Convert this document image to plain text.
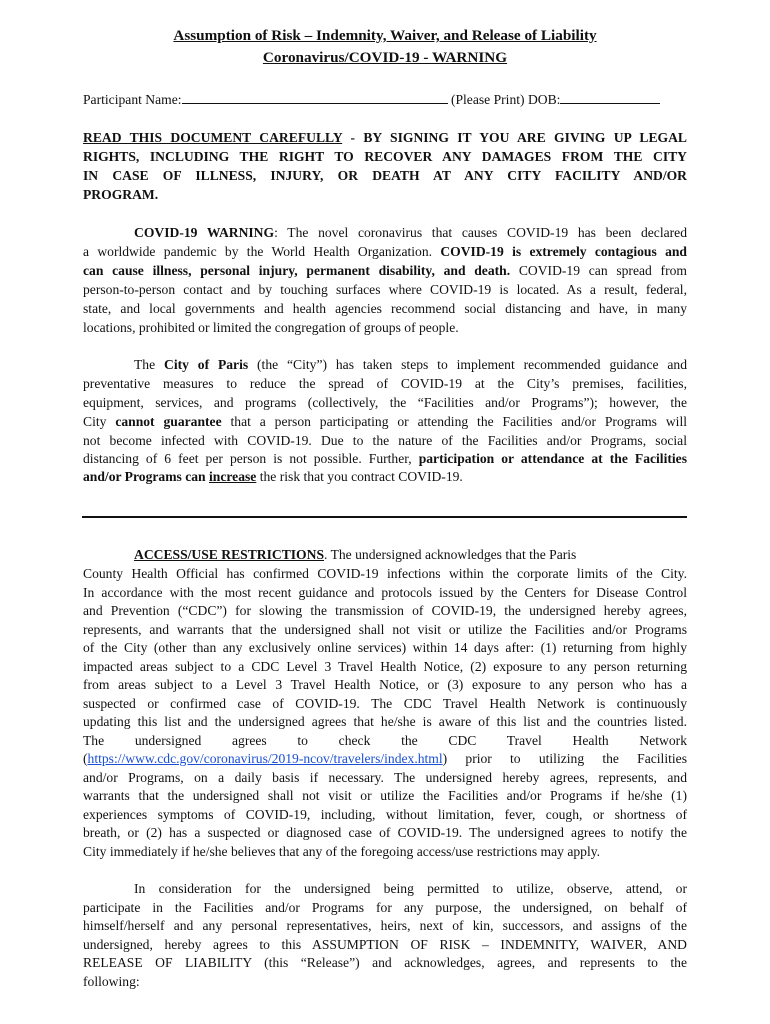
Assumption of Risk – Indemnity, Waiver, and Release of Liability
Coronavirus/COVID-19 - WARNING
Participant Name:	(Please Print) DOB:
READ THIS DOCUMENT CAREFULLY - BY SIGNING IT YOU ARE GIVING UP LEGAL
RIGHTS, INCLUDING THE RIGHT TO RECOVER ANY DAMAGES FROM THE CITY
IN CASE OF ILLNESS, INJURY, OR DEATH AT ANY CITY FACILITY AND/OR
PROGRAM.
COVID-19 WARNING: The novel coronavirus that causes COVID-19 has been declared
a worldwide pandemic by the World Health Organization. COVID-19 is extremely contagious and
can cause illness, personal injury, permanent disability, and death. COVID-19 can spread from
person-to-person contact and by touching surfaces where COVID-19 is located. As a result, federal,
state, and local governments and health agencies recommend social distancing and have, in many
locations, prohibited or limited the congregation of groups of people.
The City of Paris (the “City”) has taken steps to implement recommended guidance and
preventative measures to reduce the spread of COVID-19 at the City’s premises, facilities,
equipment, services, and programs (collectively, the “Facilities and/or Programs”); however, the
City cannot guarantee that a person participating or attending the Facilities and/or Programs will
not become infected with COVID-19. Due to the nature of the Facilities and/or Programs, social
distancing of 6 feet per person is not possible. Further, participation or attendance at the Facilities
and/or Programs can increase the risk that you contract COVID-19.
ACCESS/USE RESTRICTIONS. The undersigned acknowledges that the Paris
County Health Official has confirmed COVID-19 infections within the corporate limits of the City.
In accordance with the most recent guidance and protocols issued by the Centers for Disease Control
and Prevention (“CDC”) for slowing the transmission of COVID-19, the undersigned hereby agrees,
represents, and warrants that the undersigned shall not visit or utilize the Facilities and/or Programs
of the City (other than any exclusively online services) within 14 days after: (1) returning from highly
impacted areas subject to a CDC Level 3 Travel Health Notice, (2) exposure to any person returning
from areas subject to a Level 3 Travel Health Notice, or (3) exposure to any person who has a
suspected or confirmed case of COVID-19. The CDC Travel Health Network is continuously
updating this list and the undersigned agrees that he/she is aware of this list and the countries listed.
The undersigned agrees to check the CDC Travel Health Network
(https://www.cdc.gov/coronavirus/2019-ncov/travelers/index.html) prior to utilizing the Facilities
and/or Programs, on a daily basis if necessary. The undersigned hereby agrees, represents, and
warrants that the undersigned shall not visit or utilize the Facilities and/or Programs if he/she (1)
experiences symptoms of COVID-19, including, without limitation, fever, cough, or shortness of
breath, or (2) has a suspected or diagnosed case of COVID-19. The undersigned agrees to notify the
City immediately if he/she believes that any of the foregoing access/use restrictions may apply.
In consideration for the undersigned being permitted to utilize, observe, attend, or
participate in the Facilities and/or Programs for any purpose, the undersigned, on behalf of
himself/herself and any personal representatives, heirs, next of kin, successors, and assigns of the
undersigned, hereby agrees to this ASSUMPTION OF RISK – INDEMNITY, WAIVER, AND
RELEASE OF LIABILITY (this “Release”) and acknowledges, agrees, and represents to the
following:
